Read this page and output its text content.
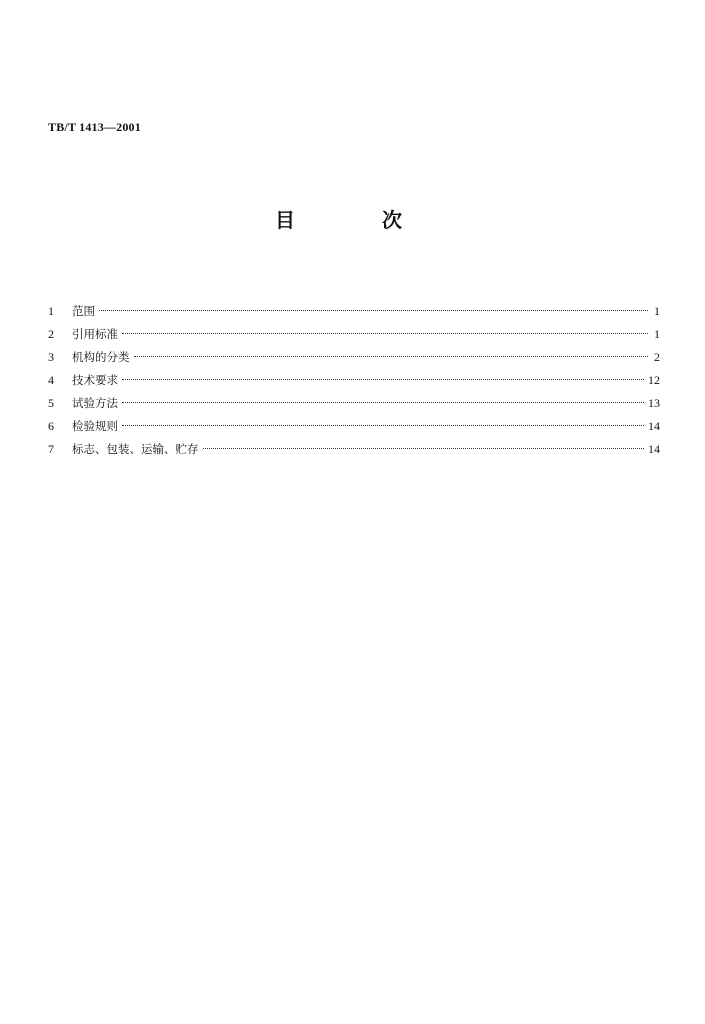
TB/T 1413—2001
目 次
1	范围	1
2	引用标准	1
3	机构的分类	2
4	技术要求	12
5	试验方法	13
6	检验规则	14
7	标志、包装、运输、贮存	14
